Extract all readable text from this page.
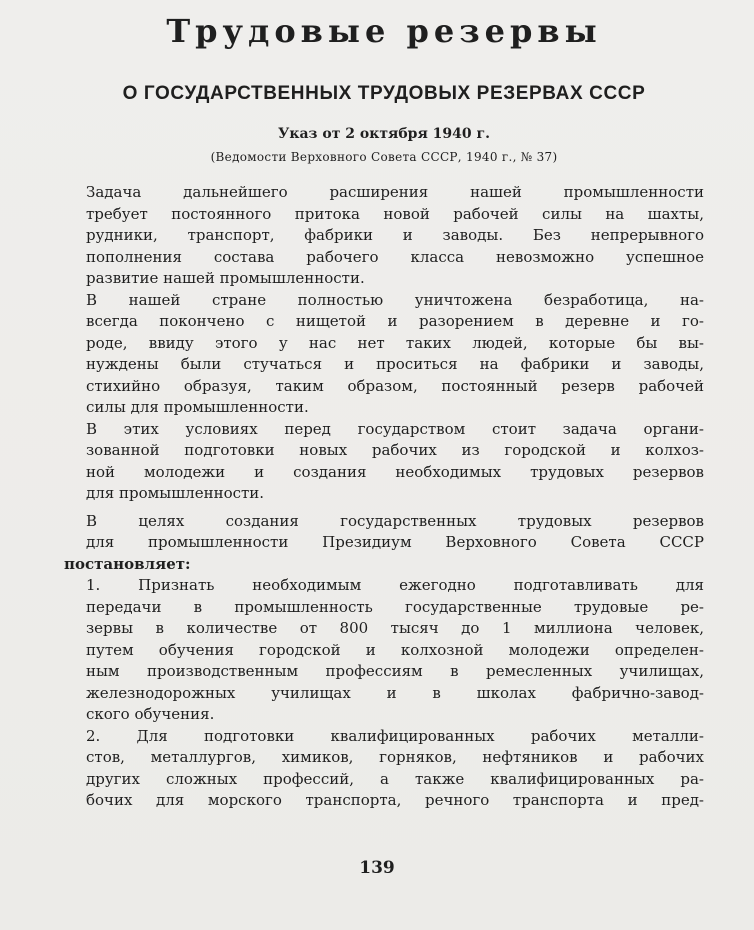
Трудовые резервы
О ГОСУДАРСТВЕННЫХ ТРУДОВЫХ РЕЗЕРВАХ СССР
Указ от 2 октября 1940 г.
(Ведомости Верховного Совета СССР, 1940 г., № 37)

Задача дальнейшего расширения нашей промышленности
требует постоянного притока новой рабочей силы на шахты,
рудники, транспорт, фабрики и заводы. Без непрерывного
пополнения состава рабочего класса невозможно успешное
развитие нашей промышленности.

В нашей стране полностью уничтожена безработица, на-
всегда покончено с нищетой и разорением в деревне и го-
роде, ввиду этого у нас нет таких людей, которые бы вы-
нуждены были стучаться и проситься на фабрики и заводы,
стихийно образуя, таким образом, постоянный резерв рабочей
силы для промышленности.

В этих условиях перед государством стоит задача органи-
зованной подготовки новых рабочих из городской и колхоз-
ной молодежи и создания необходимых трудовых резервов
для промышленности.

В целях создания государственных трудовых резервов
для промышленности Президиум Верховного Совета СССР

постановляет:

1. Признать необходимым ежегодно подготавливать для
передачи в промышленность государственные трудовые ре-
зервы в количестве от 800 тысяч до 1 миллиона человек,
путем обучения городской и колхозной молодежи определен-
ным производственным профессиям в ремесленных училищах,
железнодорожных училищах и в школах фабрично-завод-
ского обучения.

2. Для подготовки квалифицированных рабочих металли-
стов, металлургов, химиков, горняков, нефтяников и рабочих
других сложных профессий, а также квалифицированных ра-
бочих для морского транспорта, речного транспорта и пред-

139
